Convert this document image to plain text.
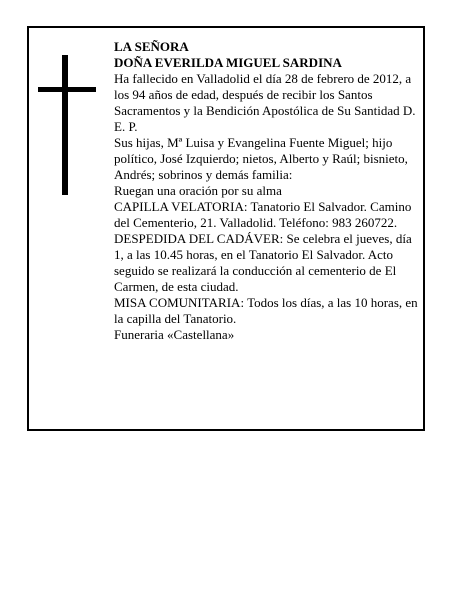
LA SEÑORA

DOÑA EVERILDA MIGUEL SARDINA

Ha fallecido en Valladolid el día 28 de febrero de 2012, a los 94 años de edad, después de recibir los Santos Sacramentos y la Bendición Apostólica de Su Santidad D. E. P.

Sus hijas, Mª Luisa y Evangelina Fuente Miguel; hijo político, José Izquierdo; nietos, Alberto y Raúl; bisnieto, Andrés; sobrinos y demás familia:

Ruegan una oración por su alma

CAPILLA VELATORIA: Tanatorio El Salvador. Camino del Cementerio, 21. Valladolid. Teléfono: 983 260722.

DESPEDIDA DEL CADÁVER: Se celebra el jueves, día 1, a las 10.45 horas, en el Tanatorio El Salvador. Acto seguido se realizará la conducción al cementerio de El Carmen, de esta ciudad.

MISA COMUNITARIA: Todos los días, a las 10 horas, en la capilla del Tanatorio.

Funeraria «Castellana»
